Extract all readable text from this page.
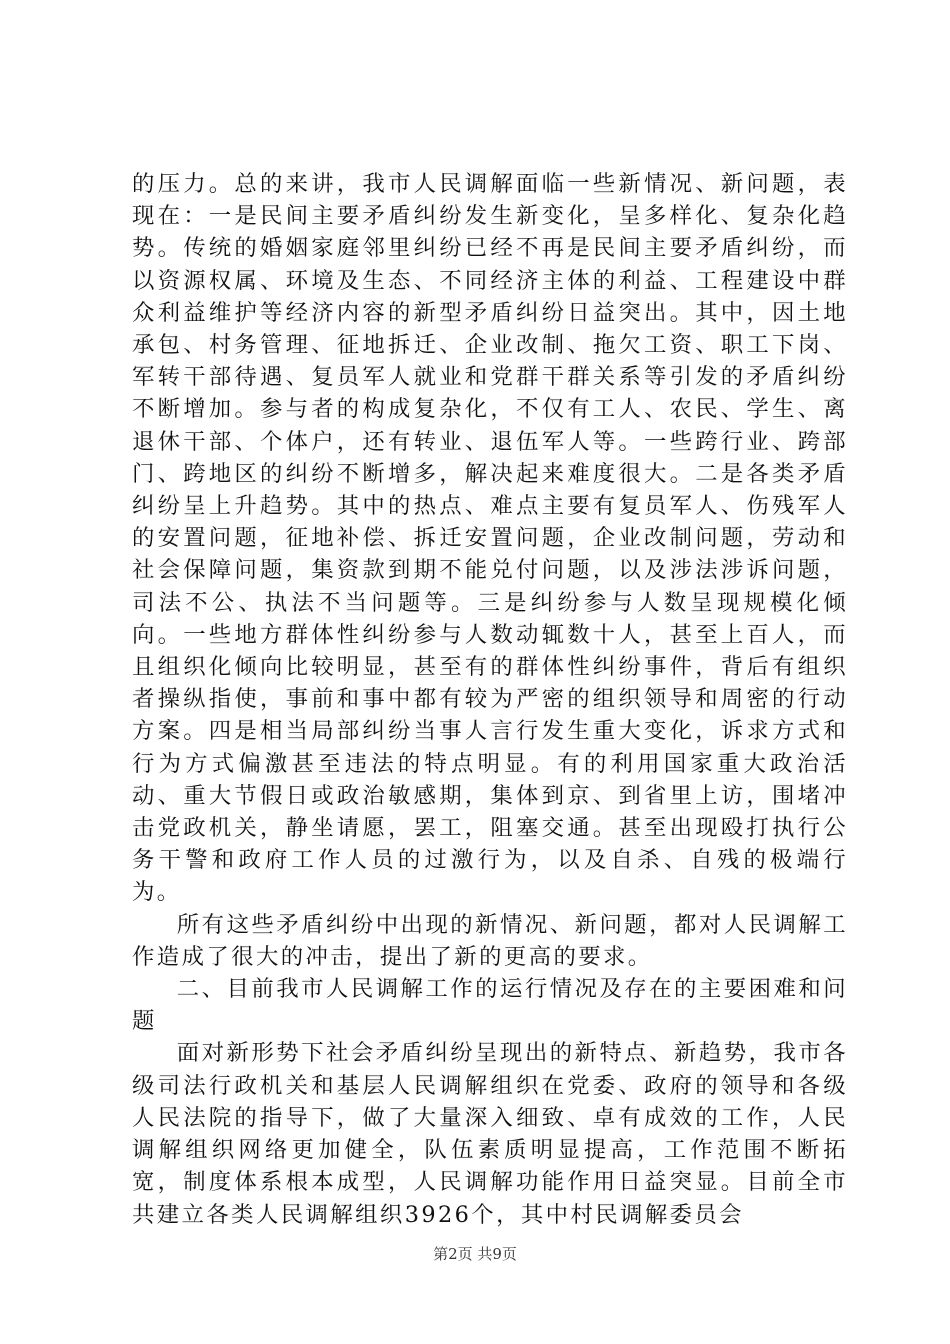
的压力。总的来讲，我市人民调解面临一些新情况、新问题，表现在：一是民间主要矛盾纠纷发生新变化，呈多样化、复杂化趋势。传统的婚姻家庭邻里纠纷已经不再是民间主要矛盾纠纷，而以资源权属、环境及生态、不同经济主体的利益、工程建设中群众利益维护等经济内容的新型矛盾纠纷日益突出。其中，因土地承包、村务管理、征地拆迁、企业改制、拖欠工资、职工下岗、军转干部待遇、复员军人就业和党群干群关系等引发的矛盾纠纷不断增加。参与者的构成复杂化，不仅有工人、农民、学生、离退休干部、个体户，还有转业、退伍军人等。一些跨行业、跨部门、跨地区的纠纷不断增多，解决起来难度很大。二是各类矛盾纠纷呈上升趋势。其中的热点、难点主要有复员军人、伤残军人的安置问题，征地补偿、拆迁安置问题，企业改制问题，劳动和社会保障问题，集资款到期不能兑付问题，以及涉法涉诉问题，司法不公、执法不当问题等。三是纠纷参与人数呈现规模化倾向。一些地方群体性纠纷参与人数动辄数十人，甚至上百人，而且组织化倾向比较明显，甚至有的群体性纠纷事件，背后有组织者操纵指使，事前和事中都有较为严密的组织领导和周密的行动方案。四是相当局部纠纷当事人言行发生重大变化，诉求方式和行为方式偏激甚至违法的特点明显。有的利用国家重大政治活动、重大节假日或政治敏感期，集体到京、到省里上访，围堵冲击党政机关，静坐请愿，罢工，阻塞交通。甚至出现殴打执行公务干警和政府工作人员的过激行为，以及自杀、自残的极端行为。

所有这些矛盾纠纷中出现的新情况、新问题，都对人民调解工作造成了很大的冲击，提出了新的更高的要求。

二、目前我市人民调解工作的运行情况及存在的主要困难和问题

面对新形势下社会矛盾纠纷呈现出的新特点、新趋势，我市各级司法行政机关和基层人民调解组织在党委、政府的领导和各级人民法院的指导下，做了大量深入细致、卓有成效的工作，人民调解组织网络更加健全，队伍素质明显提高，工作范围不断拓宽，制度体系根本成型，人民调解功能作用日益突显。目前全市共建立各类人民调解组织3926个，其中村民调解委员会

第2页 共9页
